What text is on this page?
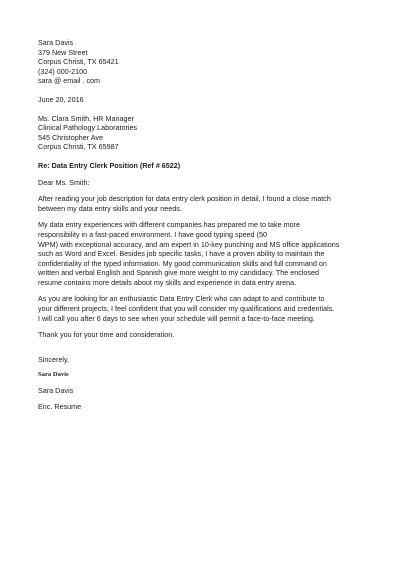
Sara Davis
379 New Street
Corpus Christi, TX 65421
(324) 000-2100
sara @ email . com
June 20, 2016
Ms. Clara Smith, HR Manager
Clinical Pathology Laboratories
545 Christopher Ave
Corpus Christi, TX 65987
Re: Data Entry Clerk Position (Ref # 6522)
Dear Ms. Smith:
After reading your job description for data entry clerk position in detail, I found a close match
between my data entry skills and your needs.
My data entry experiences with different companies has prepared me to take more
responsibility in a fast-paced environment. I have good typing speed (50
WPM) with exceptional accuracy, and am expert in 10-key punching and MS office applications
such as Word and Excel. Besides job specific tasks, I have a proven ability to maintain the
confidentiality of the typed information. My good communication skills and full command on
written and verbal English and Spanish give more weight to my candidacy. The enclosed
resume contains more details about my skills and experience in data entry arena.
As you are looking for an enthusiastic Data Entry Clerk who can adapt to and contribute to
your different projects, I feel confident that you will consider my qualifications and credentials.
I will call you after 6 days to see when your schedule will permit a face-to-face meeting.
Thank you for your time and consideration.
Sincerely,
Sara Davis
Sara Davis
Enc. Resume
